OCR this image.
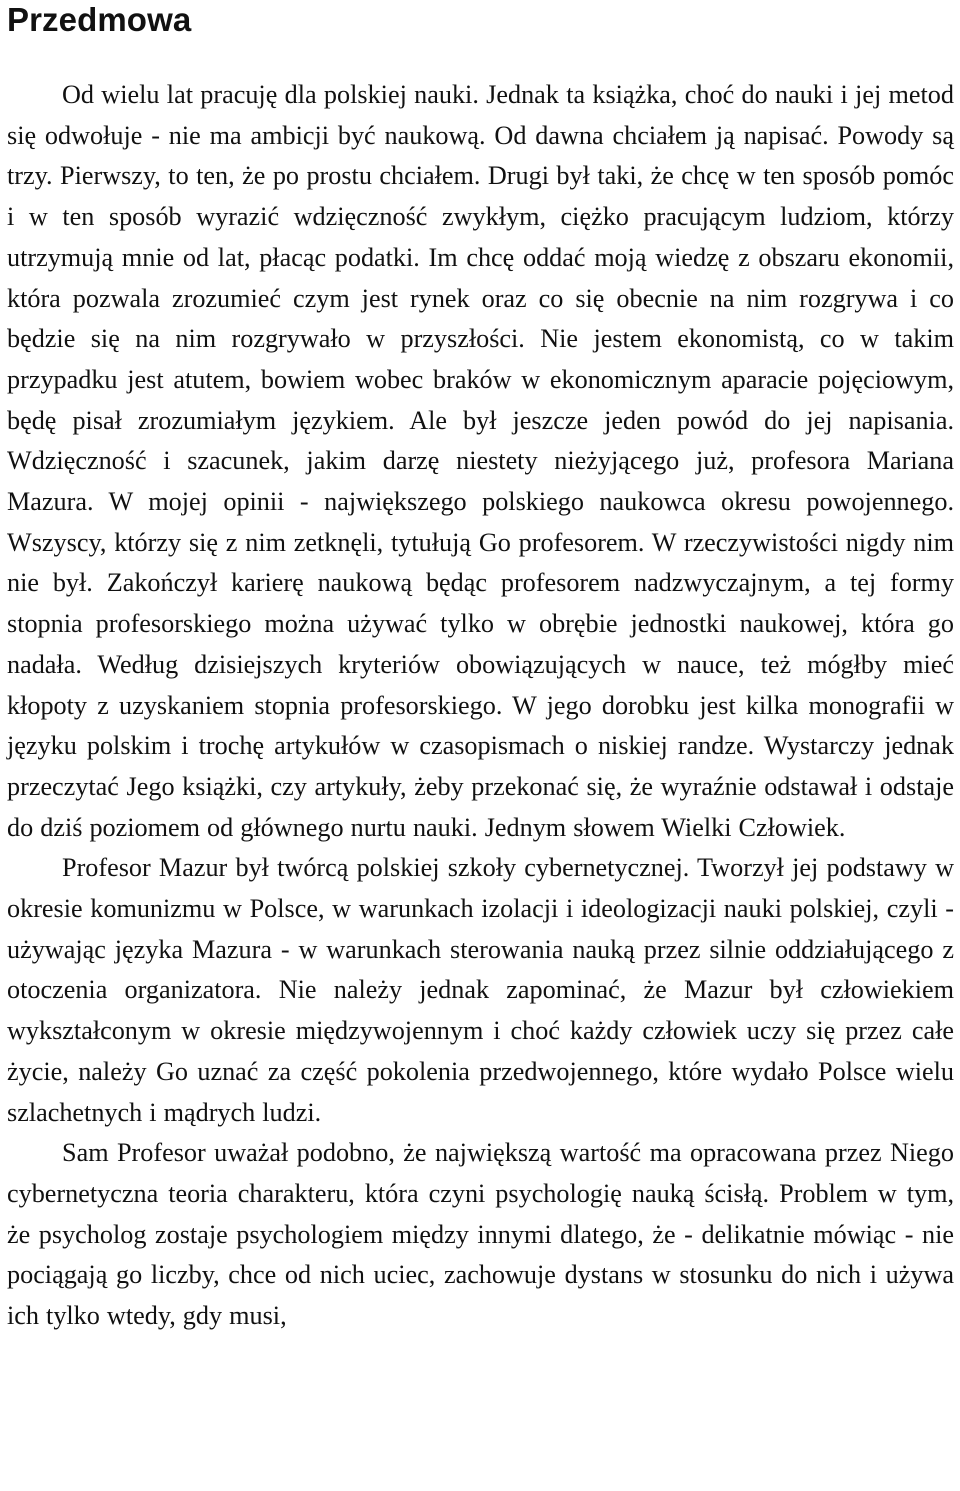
Przedmowa

Od wielu lat pracuję dla polskiej nauki. Jednak ta książka, choć do nauki i jej metod się odwołuje - nie ma ambicji być naukową. Od dawna chciałem ją napisać. Powody są trzy. Pierwszy, to ten, że po prostu chciałem. Drugi był taki, że chcę w ten sposób pomóc i w ten sposób wyrazić wdzięczność zwykłym, ciężko pracującym ludziom, którzy utrzymują mnie od lat, płacąc podatki. Im chcę oddać moją wiedzę z obszaru ekonomii, która pozwala zrozumieć czym jest rynek oraz co się obecnie na nim rozgrywa i co będzie się na nim rozgrywało w przyszłości. Nie jestem ekonomistą, co w takim przypadku jest atutem, bowiem wobec braków w ekonomicznym aparacie pojęciowym, będę pisał zrozumiałym językiem. Ale był jeszcze jeden powód do jej napisania. Wdzięczność i szacunek, jakim darzę niestety nieżyjącego już, profesora Mariana Mazura. W mojej opinii - największego polskiego naukowca okresu powojennego. Wszyscy, którzy się z nim zetknęli, tytułują Go profesorem. W rzeczywistości nigdy nim nie był. Zakończył karierę naukową będąc profesorem nadzwyczajnym, a tej formy stopnia profesorskiego można używać tylko w obrębie jednostki naukowej, która go nadała. Według dzisiejszych kryteriów obowiązujących w nauce, też mógłby mieć kłopoty z uzyskaniem stopnia profesorskiego. W jego dorobku jest kilka monografii w języku polskim i trochę artykułów w czasopismach o niskiej randze. Wystarczy jednak przeczytać Jego książki, czy artykuły, żeby przekonać się, że wyraźnie odstawał i odstaje do dziś poziomem od głównego nurtu nauki. Jednym słowem Wielki Człowiek.

Profesor Mazur był twórcą polskiej szkoły cybernetycznej. Tworzył jej podstawy w okresie komunizmu w Polsce, w warunkach izolacji i ideologizacji nauki polskiej, czyli - używając języka Mazura - w warunkach sterowania nauką przez silnie oddziałującego z otoczenia organizatora. Nie należy jednak zapominać, że Mazur był człowiekiem wykształconym w okresie międzywojennym i choć każdy człowiek uczy się przez całe życie, należy Go uznać za część pokolenia przedwojennego, które wydało Polsce wielu szlachetnych i mądrych ludzi.

Sam Profesor uważał podobno, że największą wartość ma opracowana przez Niego cybernetyczna teoria charakteru, która czyni psychologię nauką ścisłą. Problem w tym, że psycholog zostaje psychologiem między innymi dlatego, że - delikatnie mówiąc - nie pociągają go liczby, chce od nich uciec, zachowuje dystans w stosunku do nich i używa ich tylko wtedy, gdy musi,
